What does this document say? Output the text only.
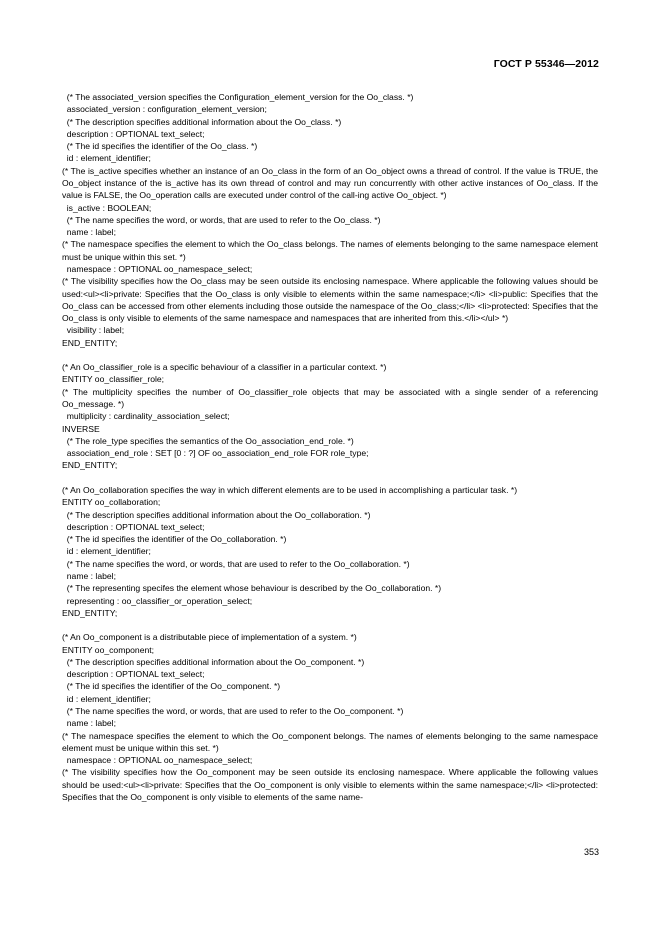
ГОСТ Р 55346—2012
(* The associated_version specifies the Configuration_element_version for the Oo_class. *)
associated_version : configuration_element_version;
(* The description specifies additional information about the Oo_class. *)
description : OPTIONAL text_select;
(* The id specifies the identifier of the Oo_class. *)
id : element_identifier;
(* The is_active specifies whether an instance of an Oo_class in the form of an Oo_object owns a thread of control. If the value is TRUE, the Oo_object instance of the is_active has its own thread of control and may run concurrently with other active instances of Oo_class. If the value is FALSE, the Oo_operation calls are executed under control of the call-ing active Oo_object. *)
is_active : BOOLEAN;
(* The name specifies the word, or words, that are used to refer to the Oo_class. *)
name : label;
(* The namespace specifies the element to which the Oo_class belongs. The names of elements belonging to the same namespace element must be unique within this set. *)
namespace : OPTIONAL oo_namespace_select;
(* The visibility specifies how the Oo_class may be seen outside its enclosing namespace. Where applicable the following values should be used:<ul><li>private: Specifies that the Oo_class is only visible to elements within the same namespace;</li> <li>public: Specifies that the Oo_class can be accessed from other elements including those outside the namespace of the Oo_class;</li> <li>protected: Specifies that the Oo_class is only visible to elements of the same namespace and namespaces that are inherited from this.</li></ul> *)
visibility : label;
END_ENTITY;
(* An Oo_classifier_role is a specific behaviour of a classifier in a particular context. *)
ENTITY oo_classifier_role;
(* The multiplicity specifies the number of Oo_classifier_role objects that may be associated with a single sender of a referencing Oo_message. *)
multiplicity : cardinality_association_select;
INVERSE
(* The role_type specifies the semantics of the Oo_association_end_role. *)
association_end_role : SET [0 : ?] OF oo_association_end_role FOR role_type;
END_ENTITY;
(* An Oo_collaboration specifies the way in which different elements are to be used in accomplishing a particular task. *)
ENTITY oo_collaboration;
(* The description specifies additional information about the Oo_collaboration. *)
description : OPTIONAL text_select;
(* The id specifies the identifier of the Oo_collaboration. *)
id : element_identifier;
(* The name specifies the word, or words, that are used to refer to the Oo_collaboration. *)
name : label;
(* The representing specifes the element whose behaviour is described by the Oo_collaboration. *)
representing : oo_classifier_or_operation_select;
END_ENTITY;
(* An Oo_component is a distributable piece of implementation of a system. *)
ENTITY oo_component;
(* The description specifies additional information about the Oo_component. *)
description : OPTIONAL text_select;
(* The id specifies the identifier of the Oo_component. *)
id : element_identifier;
(* The name specifies the word, or words, that are used to refer to the Oo_component. *)
name : label;
(* The namespace specifies the element to which the Oo_component belongs. The names of elements belonging to the same namespace element must be unique within this set. *)
namespace : OPTIONAL oo_namespace_select;
(* The visibility specifies how the Oo_component may be seen outside its enclosing namespace. Where applicable the following values should be used:<ul><li>private: Specifies that the Oo_component is only visible to elements within the same namespace;</li> <li>protected: Specifies that the Oo_component is only visible to elements of the same name-
353
